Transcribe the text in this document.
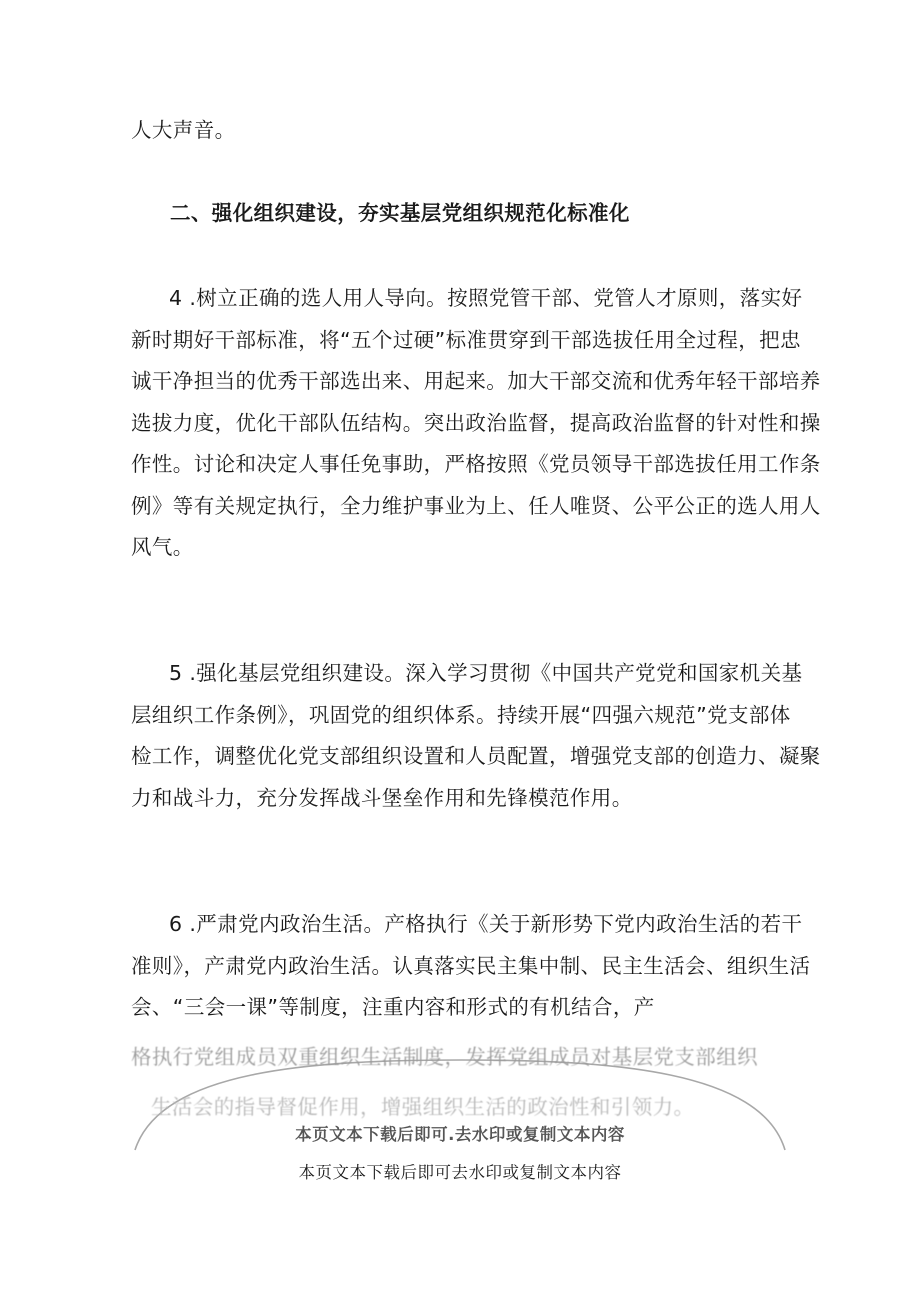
人大声音。
二、强化组织建设，夯实基层党组织规范化标准化
4 .树立正确的选人用人导向。按照党管干部、党管人才原则，落实好
新时期好干部标准，将“五个过硬”标准贯穿到干部选拔任用全过程，把忠
诚干净担当的优秀干部选出来、用起来。加大干部交流和优秀年轻干部培养
选拔力度，优化干部队伍结构。突出政治监督，提高政治监督的针对性和操
作性。讨论和决定人事任免事助，严格按照《党员领导干部选拔任用工作条
例》等有关规定执行，全力维护事业为上、任人唯贤、公平公正的选人用人
风气。
5 .强化基层党组织建设。深入学习贯彻《中国共产党党和国家机关基
层组织工作条例》，巩固党的组织体系。持续开展“四强六规范”党支部体
检工作，调整优化党支部组织设置和人员配置，增强党支部的创造力、凝聚
力和战斗力，充分发挥战斗堡垒作用和先锋模范作用。
6 .严肃党内政治生活。产格执行《关于新形势下党内政治生活的若干
准则》，产肃党内政治生活。认真落实民主集中制、民主生活会、组织生活
会、“三会一课”等制度，注重内容和形式的有机结合，产
格执行党组成员双重组织生活制度，发挥党组成员对基层党支部组织
生活会的指导督促作用，增强组织生活的政治性和引领力。
本页文本下载后即可.去水印或复制文本内容
本页文本下载后即可去水印或复制文本内容
